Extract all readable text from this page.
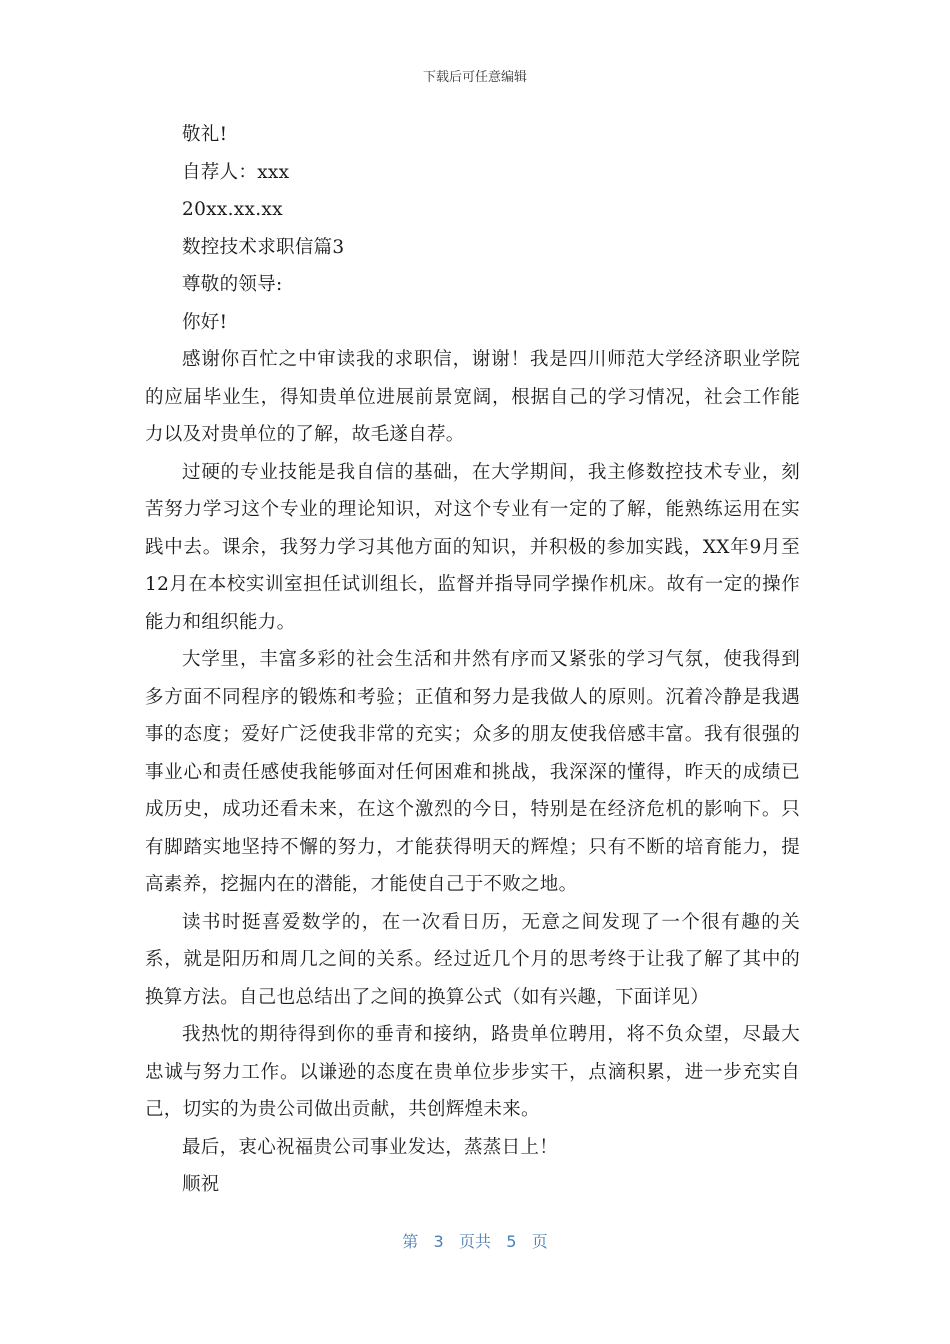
下载后可任意编辑

敬礼!

自荐人：xxx

20xx.xx.xx

数控技术求职信篇3

尊敬的领导:

你好!

感谢你百忙之中审读我的求职信，谢谢！我是四川师范大学经济职业学院的应届毕业生，得知贵单位进展前景宽阔，根据自己的学习情况，社会工作能力以及对贵单位的了解，故毛遂自荐。

过硬的专业技能是我自信的基础，在大学期间，我主修数控技术专业，刻苦努力学习这个专业的理论知识，对这个专业有一定的了解，能熟练运用在实践中去。课余，我努力学习其他方面的知识，并积极的参加实践，XX年9月至12月在本校实训室担任试训组长，监督并指导同学操作机床。故有一定的操作能力和组织能力。

大学里，丰富多彩的社会生活和井然有序而又紧张的学习气氛，使我得到多方面不同程序的锻炼和考验；正值和努力是我做人的原则。沉着冷静是我遇事的态度；爱好广泛使我非常的充实；众多的朋友使我倍感丰富。我有很强的事业心和责任感使我能够面对任何困难和挑战，我深深的懂得，昨天的成绩已成历史，成功还看未来，在这个激烈的今日，特别是在经济危机的影响下。只有脚踏实地坚持不懈的努力，才能获得明天的辉煌；只有不断的培育能力，提高素养，挖掘内在的潜能，才能使自己于不败之地。

读书时挺喜爱数学的，在一次看日历，无意之间发现了一个很有趣的关系，就是阳历和周几之间的关系。经过近几个月的思考终于让我了解了其中的换算方法。自己也总结出了之间的换算公式（如有兴趣，下面详见）

我热忱的期待得到你的垂青和接纳，路贵单位聘用，将不负众望，尽最大忠诚与努力工作。以谦逊的态度在贵单位步步实干，点滴积累，进一步充实自己，切实的为贵公司做出贡献，共创辉煌未来。

最后，衷心祝福贵公司事业发达，蒸蒸日上！

顺祝

第 3 页共 5 页
